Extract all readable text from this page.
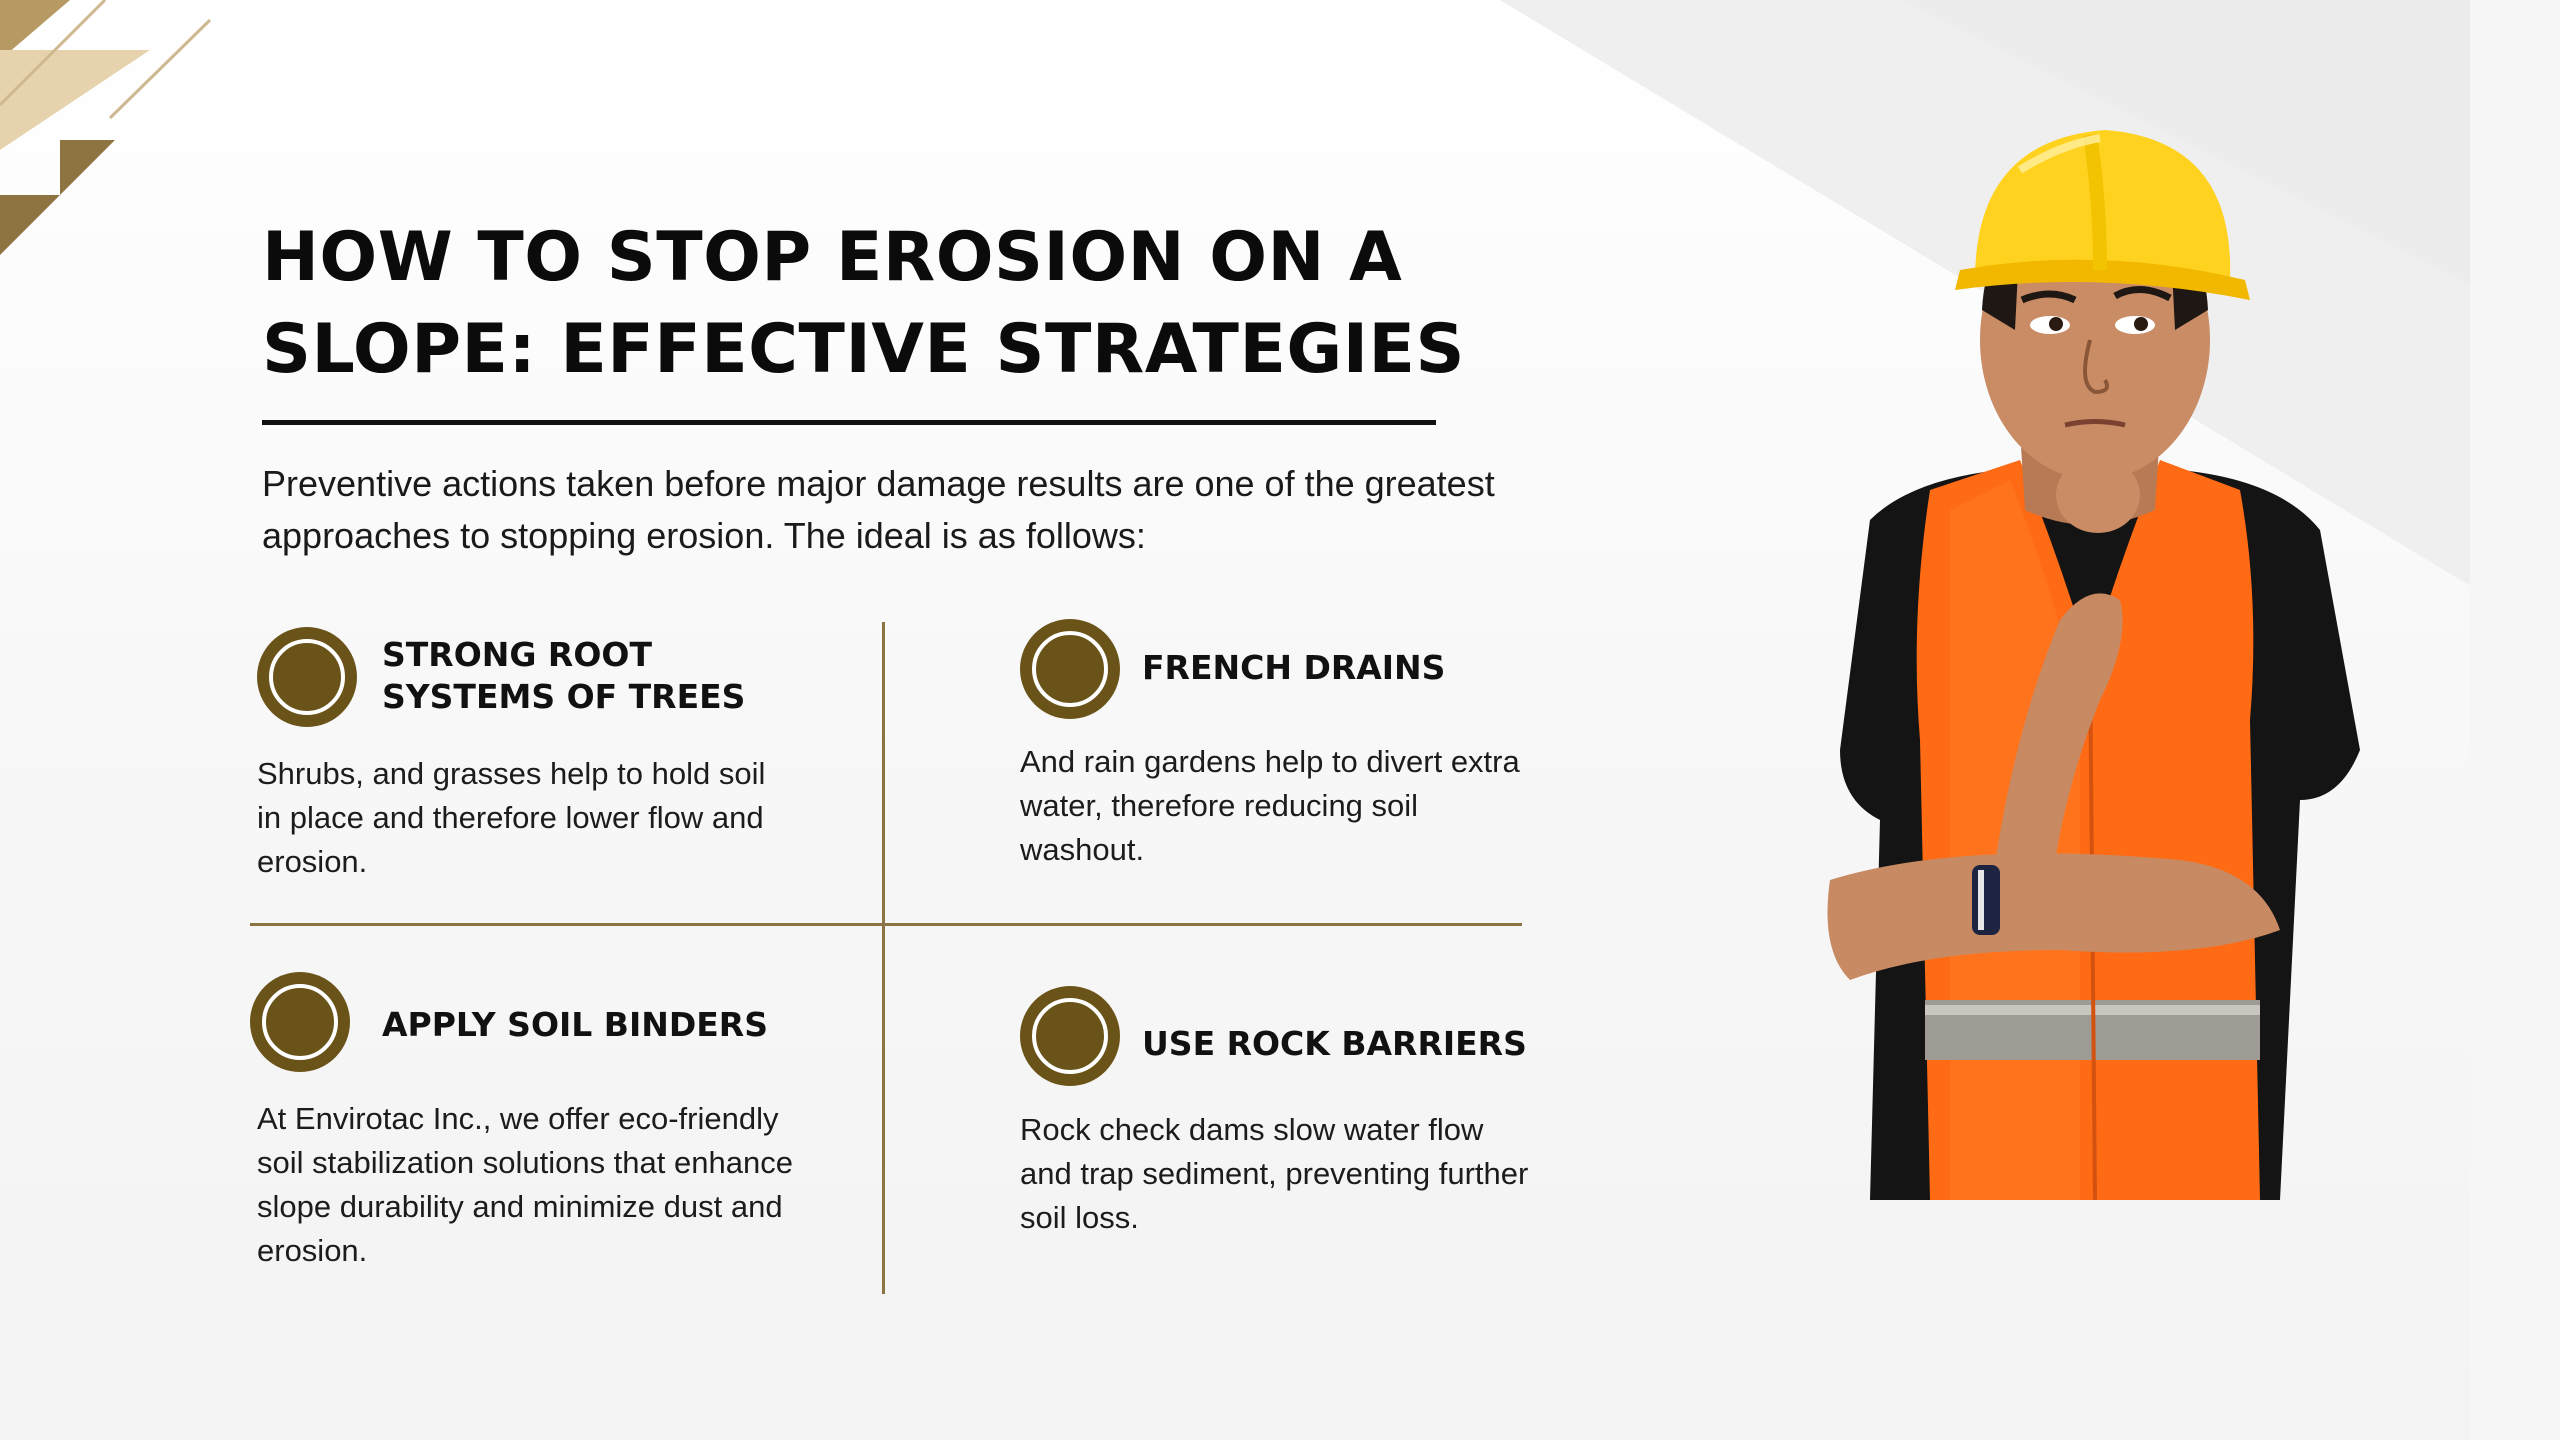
HOW TO STOP EROSION ON A SLOPE: EFFECTIVE STRATEGIES

Preventive actions taken before major damage results are one of the greatest approaches to stopping erosion. The ideal is as follows:

STRONG ROOT SYSTEMS OF TREES

Shrubs, and grasses help to hold soil in place and therefore lower flow and erosion.

FRENCH DRAINS

And rain gardens help to divert extra water, therefore reducing soil washout.

APPLY SOIL BINDERS

At Envirotac Inc., we offer eco-friendly soil stabilization solutions that enhance slope durability and minimize dust and erosion.

USE ROCK BARRIERS

Rock check dams slow water flow and trap sediment, preventing further soil loss.
